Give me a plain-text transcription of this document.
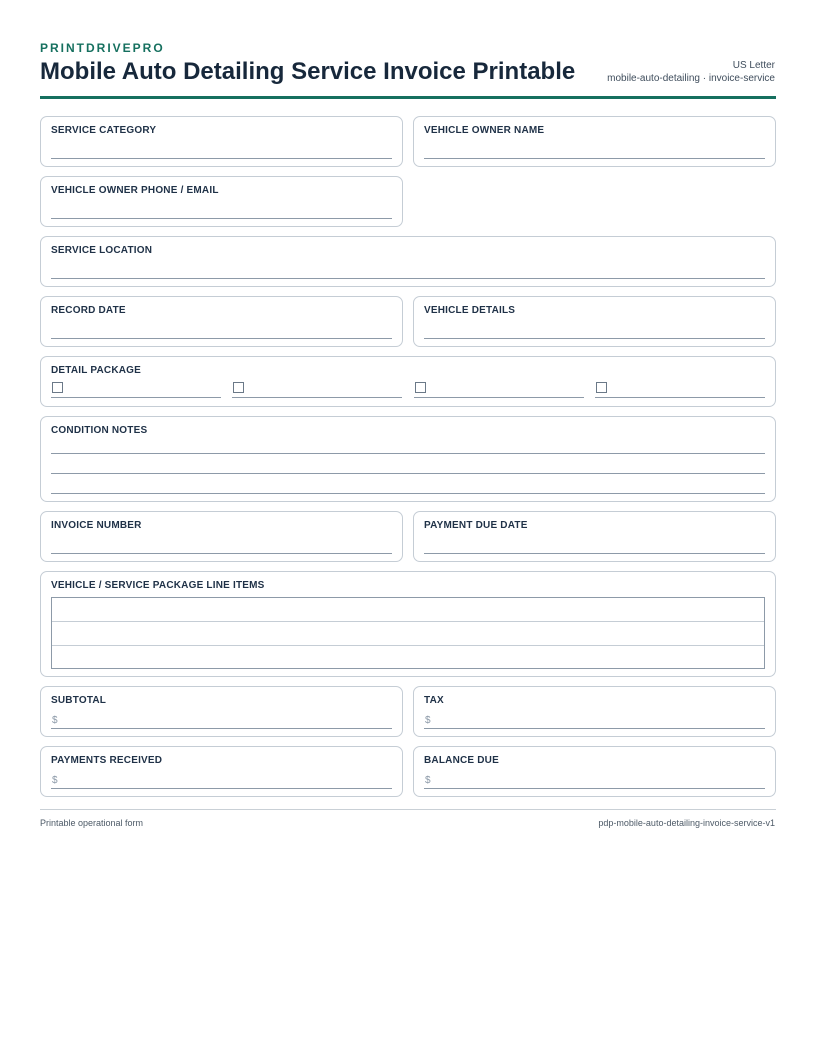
PRINTDRIVEPRO
Mobile Auto Detailing Service Invoice Printable	US Letter
mobile-auto-detailing · invoice-service
SERVICE CATEGORY	VEHICLE OWNER NAME
VEHICLE OWNER PHONE / EMAIL
SERVICE LOCATION
RECORD DATE	VEHICLE DETAILS
DETAIL PACKAGE
CONDITION NOTES
INVOICE NUMBER	PAYMENT DUE DATE
VEHICLE / SERVICE PACKAGE LINE ITEMS
SUBTOTAL
$
TAX
$
PAYMENTS RECEIVED
$
BALANCE DUE
$
Printable operational form	pdp-mobile-auto-detailing-invoice-service-v1
